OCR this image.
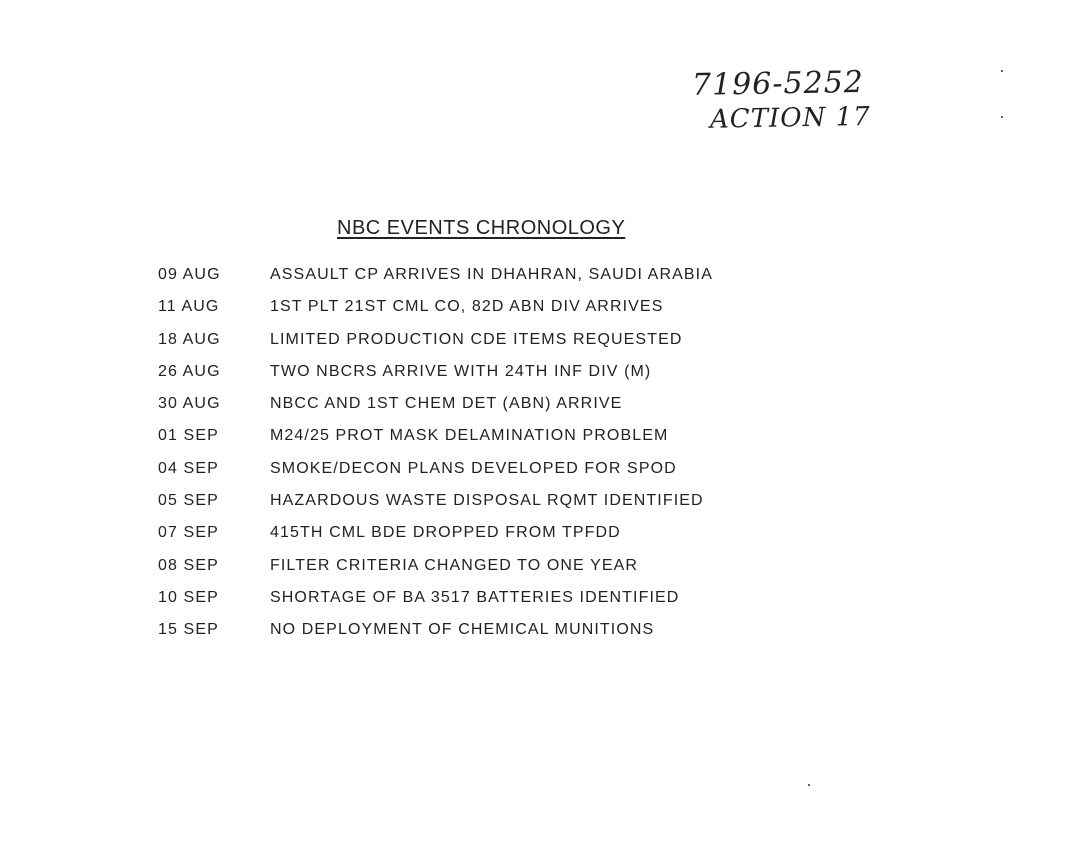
7196-5252
ACTION 17
NBC EVENTS CHRONOLOGY
09 AUG	ASSAULT CP ARRIVES IN DHAHRAN, SAUDI ARABIA
11 AUG	1ST PLT 21ST CML CO, 82D ABN DIV ARRIVES
18 AUG	LIMITED PRODUCTION CDE ITEMS REQUESTED
26 AUG	TWO NBCRS ARRIVE WITH 24TH INF DIV (M)
30 AUG	NBCC AND 1ST CHEM DET (ABN) ARRIVE
01 SEP	M24/25 PROT MASK DELAMINATION PROBLEM
04 SEP	SMOKE/DECON PLANS DEVELOPED FOR SPOD
05 SEP	HAZARDOUS WASTE DISPOSAL RQMT IDENTIFIED
07 SEP	415TH CML BDE DROPPED FROM TPFDD
08 SEP	FILTER CRITERIA CHANGED TO ONE YEAR
10 SEP	SHORTAGE OF BA 3517 BATTERIES IDENTIFIED
15 SEP	NO DEPLOYMENT OF CHEMICAL MUNITIONS
